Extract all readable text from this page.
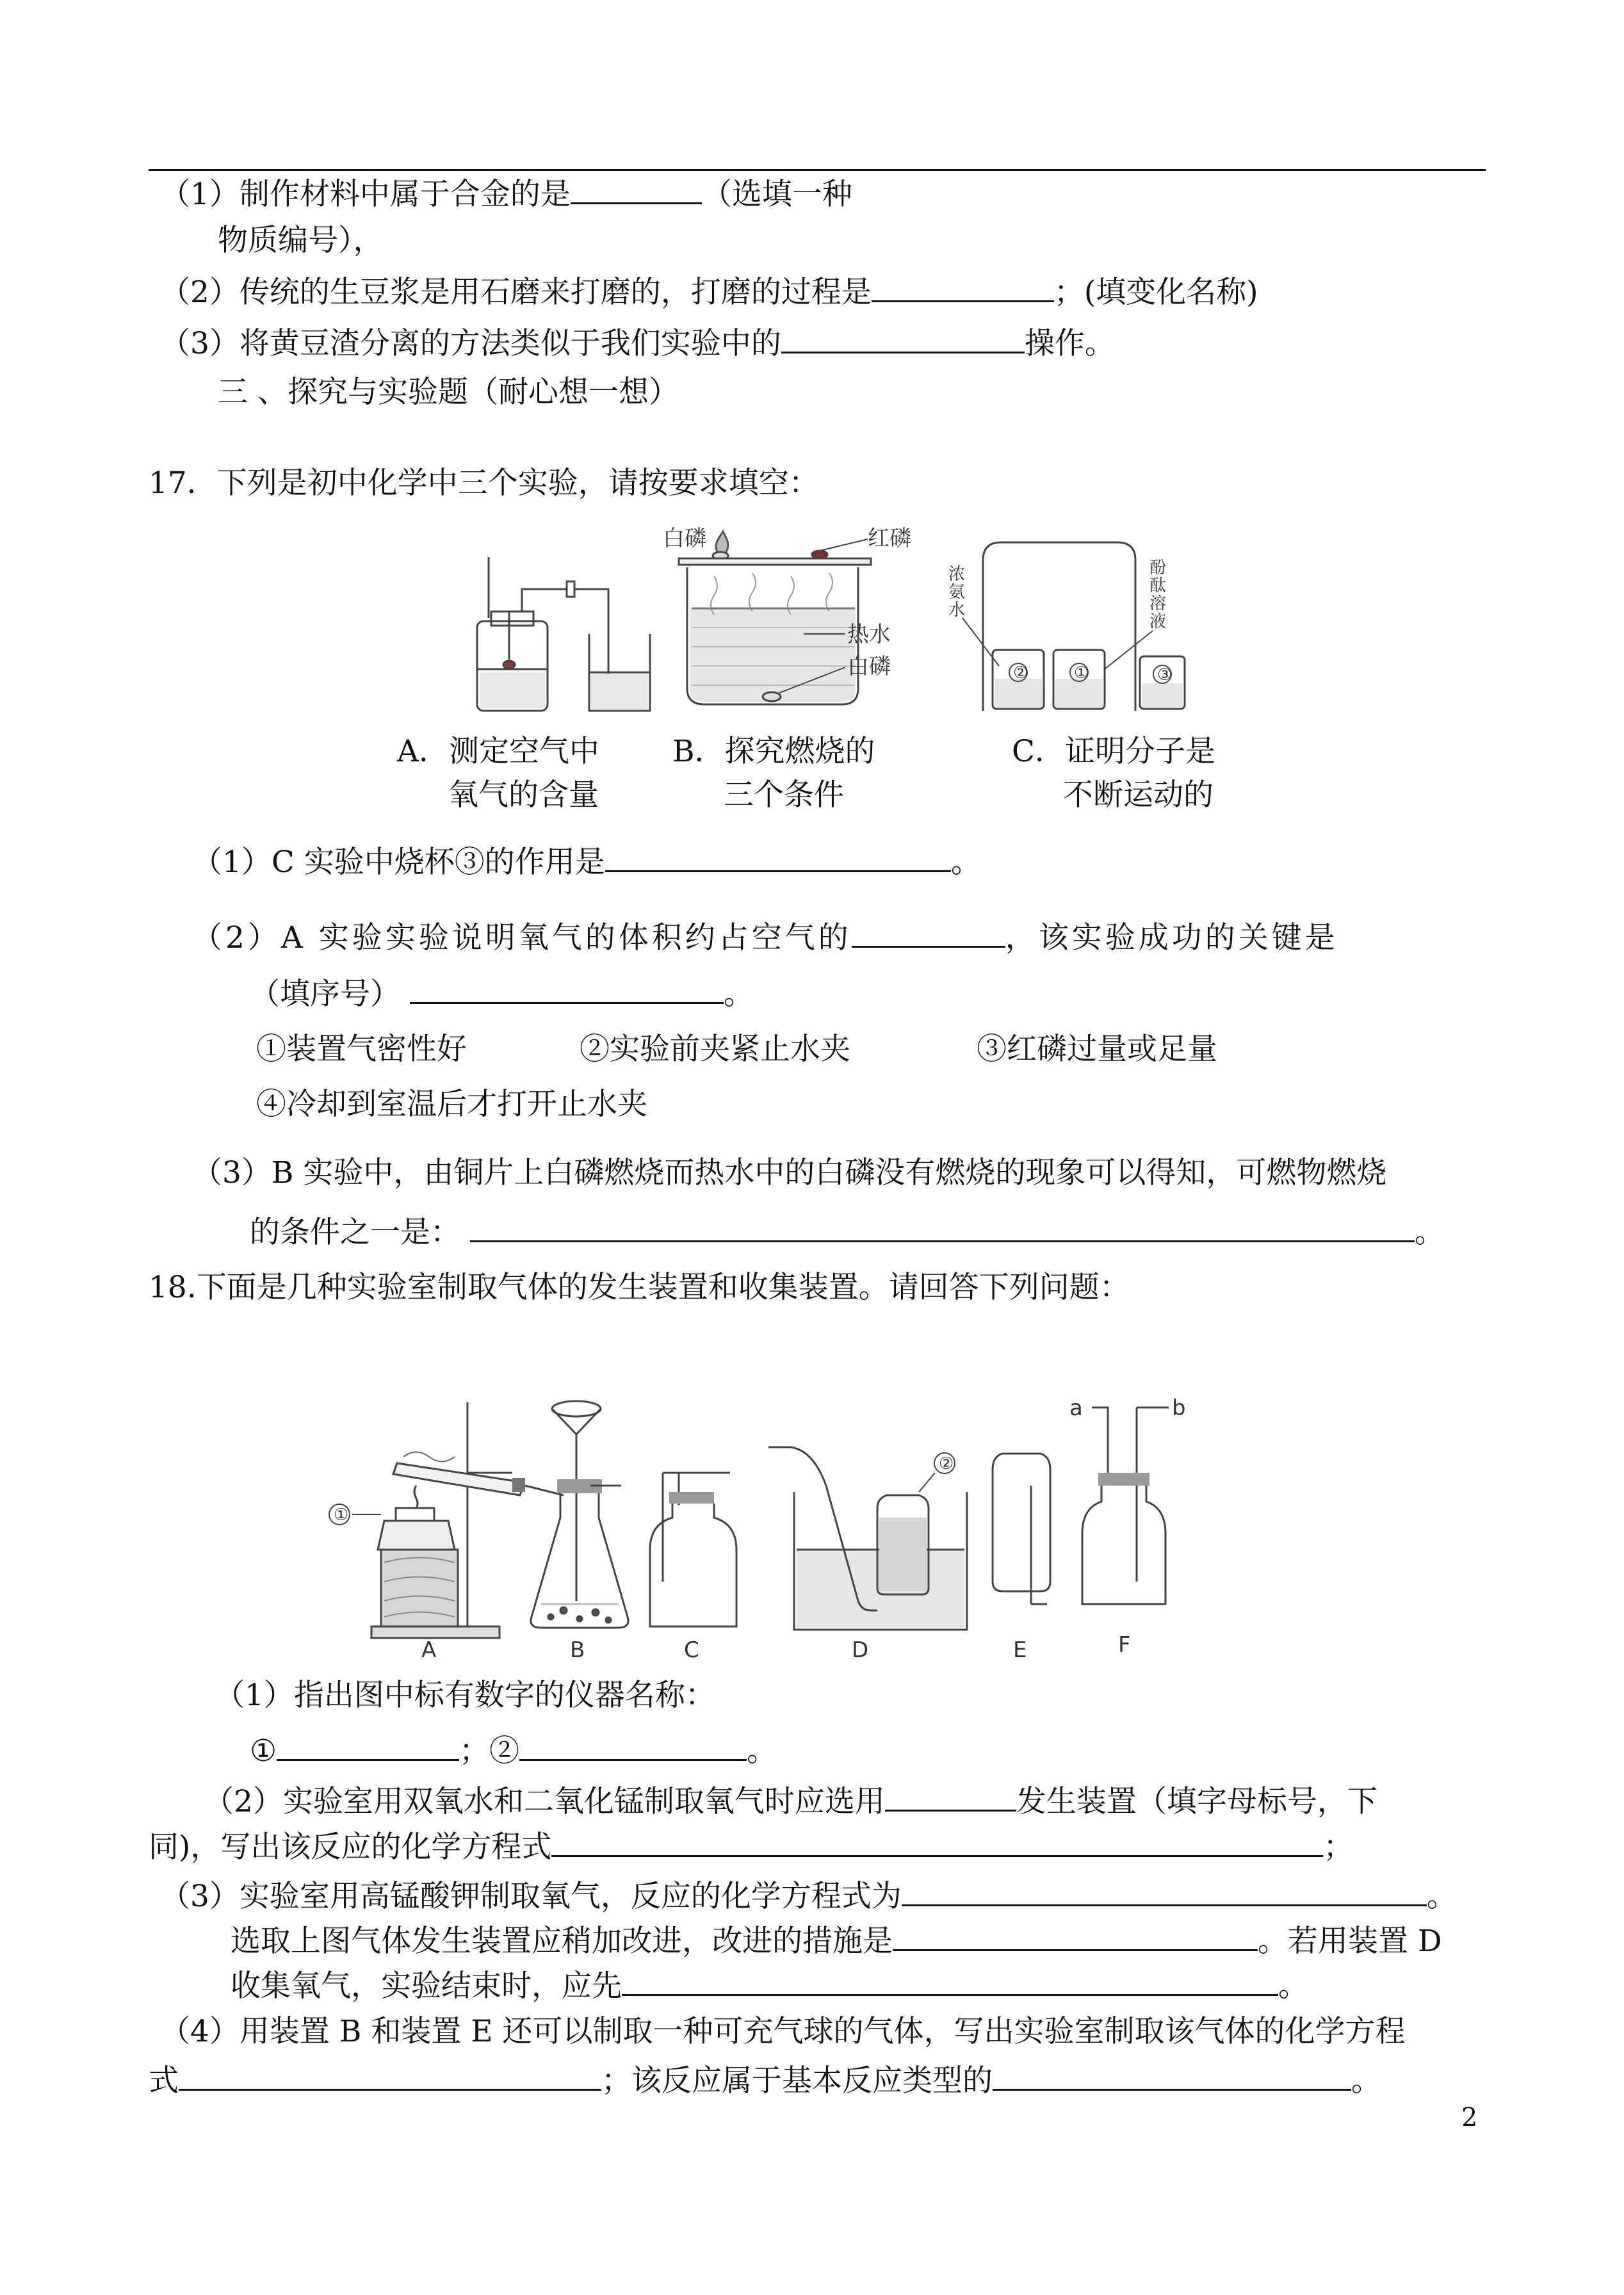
（1）制作材料中属于合金的是	（选填一种
物质编号），
（2）传统的生豆浆是用石磨来打磨的，打磨的过程是	；(填变化名称)
（3）将黄豆渣分离的方法类似于我们实验中的	操作。
三 、探究与实验题（耐心想一想）
17．下列是初中化学中三个实验，请按要求填空：
白磷	红磷
热水
白磷
浓
氨
水
酚
酞
溶
液
②	①	③
A．测定空气中
氧气的含量
B．探究燃烧的
三个条件
C．证明分子是
不断运动的
（1）C 实验中烧杯③的作用是	。
（2）A 实验实验说明氧气的体积约占空气的	，该实验成功的关键是
（填序号）	。
①装置气密性好	②实验前夹紧止水夹	③红磷过量或足量
④冷却到室温后才打开止水夹
（3）B 实验中，由铜片上白磷燃烧而热水中的白磷没有燃烧的现象可以得知，可燃物燃烧
的条件之一是：	。
18.下面是几种实验室制取气体的发生装置和收集装置。请回答下列问题：
①
A	B	C
②
D	E
a	b
F
（1）指出图中标有数字的仪器名称：
①	；②	。
（2）实验室用双氧水和二氧化锰制取氧气时应选用	发生装置（填字母标号，下
同)，写出该反应的化学方程式	；
（3）实验室用高锰酸钾制取氧气，反应的化学方程式为	。
选取上图气体发生装置应稍加改进，改进的措施是	。若用装置 D
收集氧气，实验结束时，应先	。
（4）用装置 B 和装置 E 还可以制取一种可充气球的气体，写出实验室制取该气体的化学方程
式	；该反应属于基本反应类型的	。
2
